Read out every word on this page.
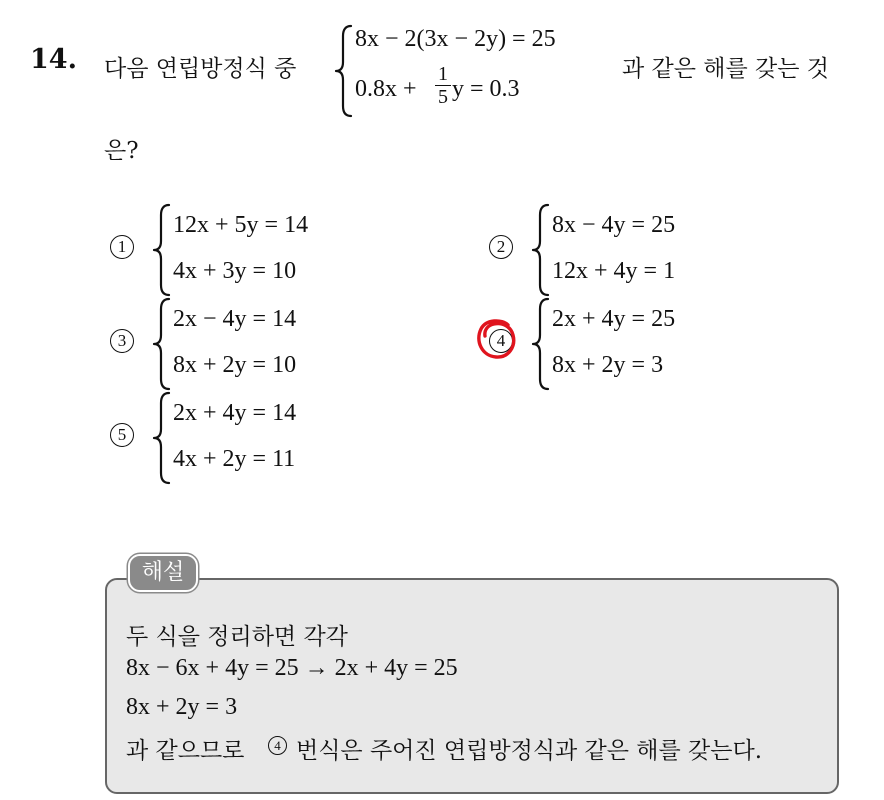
14. 다음 연립방정식 중
8x − 2(3x − 2y) = 25
0.8x +
1
5 y = 0.3
과 같은 해를 갖는 것
은?
1
12x + 5y = 14
4x + 3y = 10
2
8x − 4y = 25
12x + 4y = 1
3
2x − 4y = 14
8x + 2y = 10
4
2x + 4y = 25
8x + 2y = 3
5
2x + 4y = 14
4x + 2y = 11
해설
두 식을 정리하면 각각
8x − 6x + 4y = 25 → 2x + 4y = 25
8x + 2y = 3
과 같으므로	4 번식은 주어진 연립방정식과 같은 해를 갖는다.
